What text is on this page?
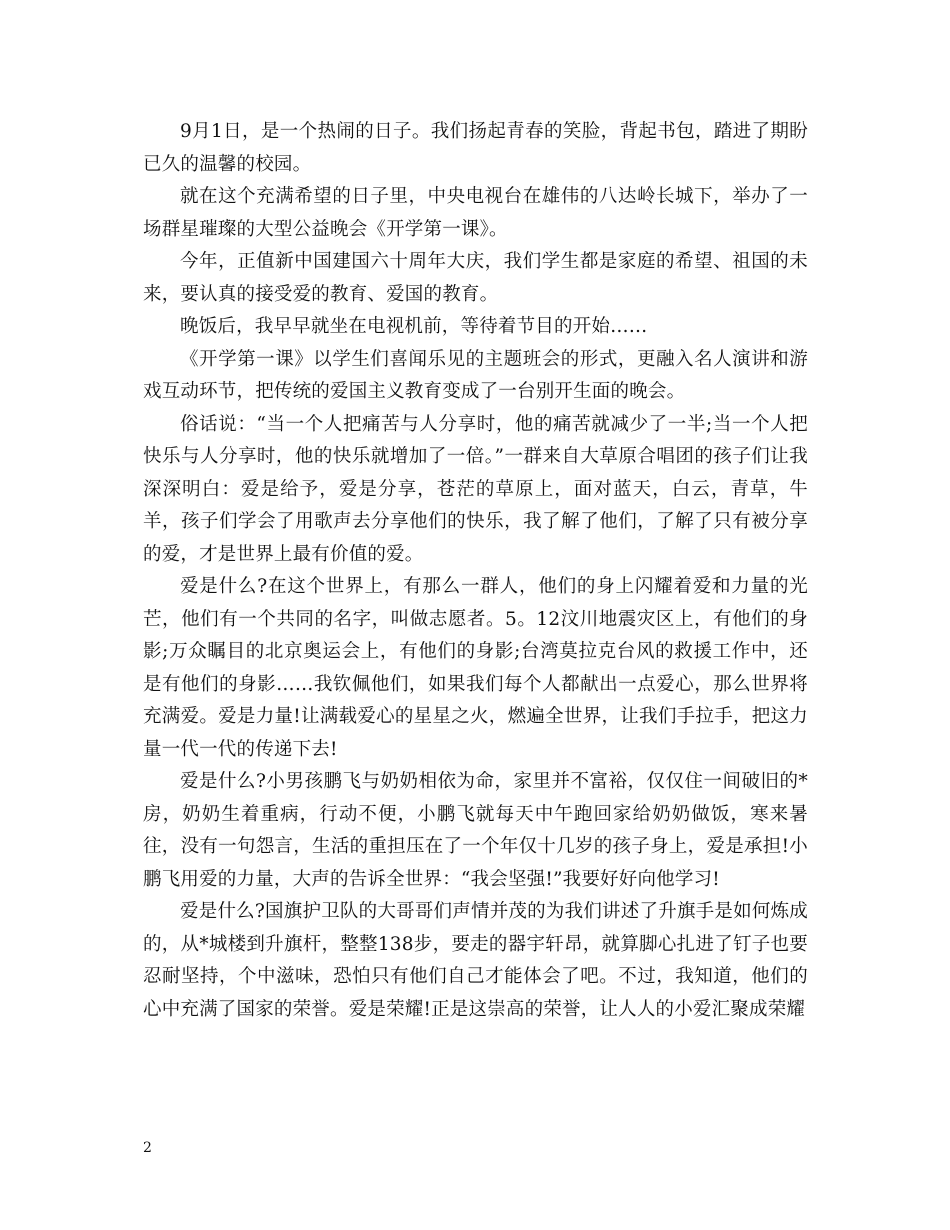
9月1日，是一个热闹的日子。我们扬起青春的笑脸，背起书包，踏进了期盼已久的温馨的校园。

就在这个充满希望的日子里，中央电视台在雄伟的八达岭长城下，举办了一场群星璀璨的大型公益晚会《开学第一课》。

今年，正值新中国建国六十周年大庆，我们学生都是家庭的希望、祖国的未来，要认真的接受爱的教育、爱国的教育。

晚饭后，我早早就坐在电视机前，等待着节目的开始……

《开学第一课》以学生们喜闻乐见的主题班会的形式，更融入名人演讲和游戏互动环节，把传统的爱国主义教育变成了一台别开生面的晚会。

俗话说：“当一个人把痛苦与人分享时，他的痛苦就减少了一半;当一个人把快乐与人分享时，他的快乐就增加了一倍。”一群来自大草原合唱团的孩子们让我深深明白：爱是给予，爱是分享，苍茫的草原上，面对蓝天，白云，青草，牛羊，孩子们学会了用歌声去分享他们的快乐，我了解了他们，了解了只有被分享的爱，才是世界上最有价值的爱。

爱是什么?在这个世界上，有那么一群人，他们的身上闪耀着爱和力量的光芒，他们有一个共同的名字，叫做志愿者。5。12汶川地震灾区上，有他们的身影;万众瞩目的北京奥运会上，有他们的身影;台湾莫拉克台风的救援工作中，还是有他们的身影……我钦佩他们，如果我们每个人都献出一点爱心，那么世界将充满爱。爱是力量!让满载爱心的星星之火，燃遍全世界，让我们手拉手，把这力量一代一代的传递下去!

爱是什么?小男孩鹏飞与奶奶相依为命，家里并不富裕，仅仅住一间破旧的*房，奶奶生着重病，行动不便，小鹏飞就每天中午跑回家给奶奶做饭，寒来暑往，没有一句怨言，生活的重担压在了一个年仅十几岁的孩子身上，爱是承担!小鹏飞用爱的力量，大声的告诉全世界：“我会坚强!”我要好好向他学习!

爱是什么?国旗护卫队的大哥哥们声情并茂的为我们讲述了升旗手是如何炼成的，从*城楼到升旗杆，整整138步，要走的器宇轩昂，就算脚心扎进了钉子也要忍耐坚持，个中滋味，恐怕只有他们自己才能体会了吧。不过，我知道，他们的心中充满了国家的荣誉。爱是荣耀!正是这崇高的荣誉，让人人的小爱汇聚成荣耀

2
